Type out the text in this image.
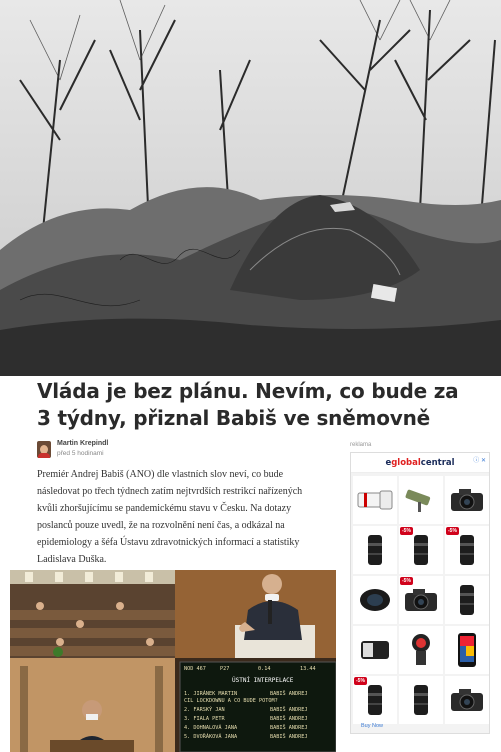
Vláda je bez plánu. Nevím, co bude za 3 týdny, přiznal Babiš ve sněmovně
Martin Krepindl
před 5 hodinami

Premiér Andrej Babiš (ANO) dle vlastních slov neví, co bude následovat po třech týdnech zatím nejtvrdších restrikcí nařízených kvůli zhoršujícímu se pandemickému stavu v Česku. Na dotazy poslanců pouze uvedl, že na rozvolnění není čas, a odkázal na epidemiology a šéfa Ústavu zdravotnických informací a statistiky Ladislava Duška.

NOD 467	P27	0.14	13.44
ÚSTNÍ INTERPELACE
1. JIRÁNEK MARTIN	BABIŠ ANDREJ
CIL LOCKDOWNU A CO BUDE POTOM?
2. FARSKÝ JAN	BABIŠ ANDREJ
3. FIALA PETR	BABIŠ ANDREJ
4. DOHNALOVÁ JANA	BABIŠ ANDREJ
5. DVOŘÁKOVÁ JANA	BABIŠ ANDREJ
reklama
eglobalcentral	ⓘ ✕
-5%	-5%
-5%
-5%
Buy Now
